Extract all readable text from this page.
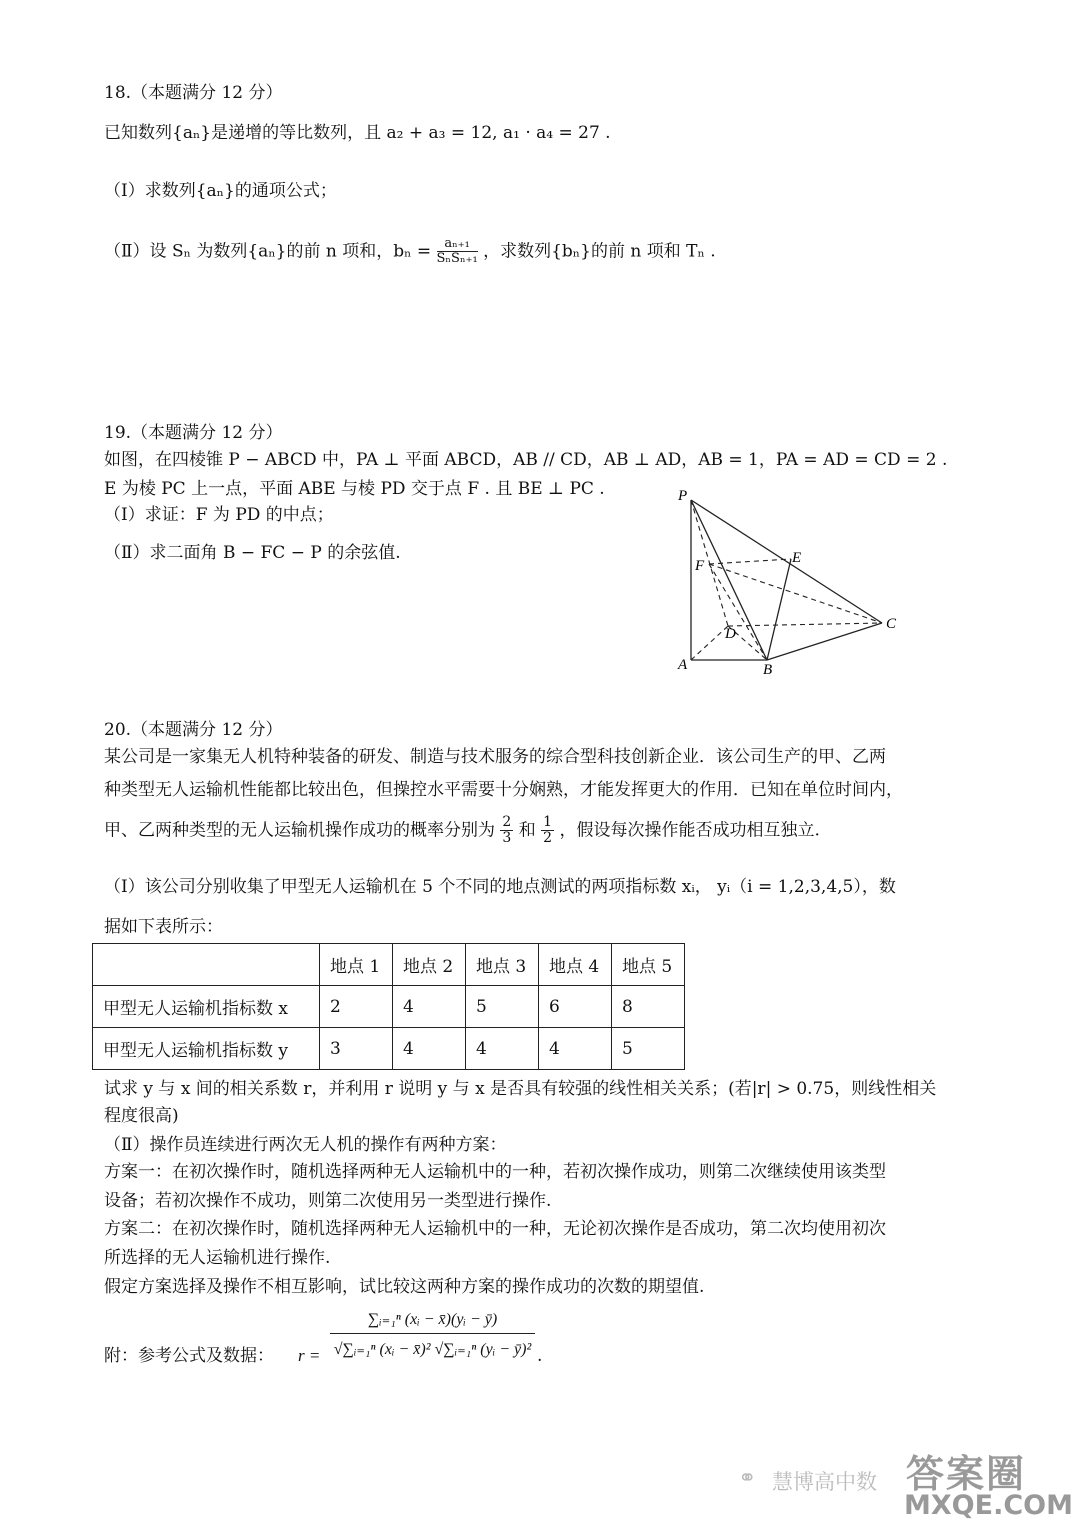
18.（本题满分 12 分）
已知数列{aₙ}是递增的等比数列，且 a₂ + a₃ = 12, a₁ · a₄ = 27 .
（Ⅰ）求数列{aₙ}的通项公式；
（Ⅱ）设 Sₙ 为数列{aₙ}的前 n 项和，$b_n = \frac{\text{aₙ₊₁}}{\text{SₙSₙ₊₁}}$ ，求数列{bₙ}的前 n 项和 Tₙ .
19.（本题满分 12 分）
如图，在四棱锥 P − ABCD 中，PA ⊥ 平面 ABCD，AB // CD，AB ⊥ AD，AB = 1，PA = AD = CD = 2 .
E 为棱 PC 上一点，平面 ABE 与棱 PD 交于点 F . 且 BE ⊥ PC .
（Ⅰ）求证：F 为 PD 的中点；
（Ⅱ）求二面角 B − FC − P 的余弦值.
P
E
F
D
C
A	B
20.（本题满分 12 分）
某公司是一家集无人机特种装备的研发、制造与技术服务的综合型科技创新企业．该公司生产的甲、乙两
种类型无人运输机性能都比较出色，但操控水平需要十分娴熟，才能发挥更大的作用．已知在单位时间内，
甲、乙两种类型的无人运输机操作成功的概率分别为 $\frac{2}{3}$ 和 $\frac{1}{2}$ ，假设每次操作能否成功相互独立.
（Ⅰ）该公司分别收集了甲型无人运输机在 5 个不同的地点测试的两项指标数 xᵢ， yᵢ（i = 1,2,3,4,5），数
据如下表所示：
	地点 1	地点 2	地点 3	地点 4	地点 5
甲型无人运输机指标数 x	2	4	5	6	8
甲型无人运输机指标数 y	3	4	4	4	5
试求 y 与 x 间的相关系数 r，并利用 r 说明 y 与 x 是否具有较强的线性相关关系；(若|r| > 0.75，则线性相关
程度很高)
（Ⅱ）操作员连续进行两次无人机的操作有两种方案：
方案一：在初次操作时，随机选择两种无人运输机中的一种，若初次操作成功，则第二次继续使用该类型
设备；若初次操作不成功，则第二次使用另一类型进行操作.
方案二：在初次操作时，随机选择两种无人运输机中的一种，无论初次操作是否成功，第二次均使用初次
所选择的无人运输机进行操作.
假定方案选择及操作不相互影响，试比较这两种方案的操作成功的次数的期望值.
附：参考公式及数据： $r = \frac{\text{∑ᵢ₌₁ⁿ (xᵢ − x̄)(yᵢ − ȳ)}}{\text{√∑ᵢ₌₁ⁿ (xᵢ − x̄)² √∑ᵢ₌₁ⁿ (yᵢ − ȳ)²}}$ .
⚭ 慧博高中数 答案圈
MXQE.COM
